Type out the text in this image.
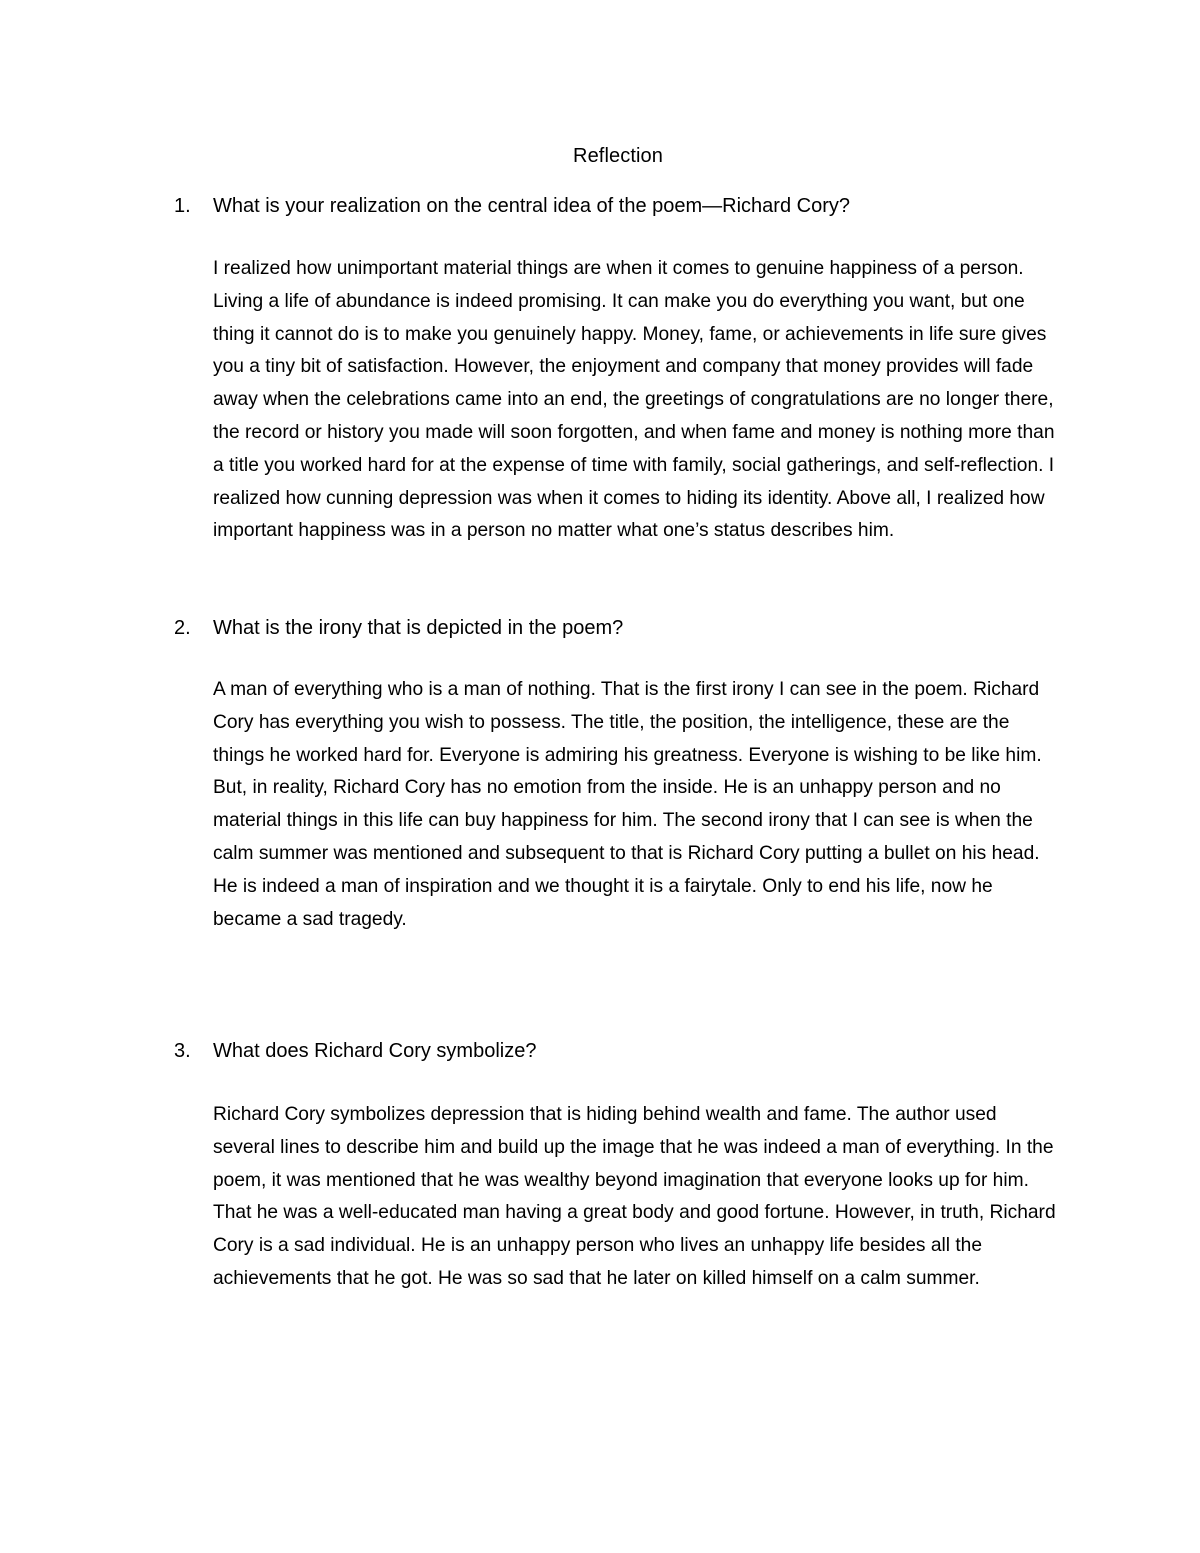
Reflection
1. What is your realization on the central idea of the poem—Richard Cory?

I realized how unimportant material things are when it comes to genuine happiness of a person. Living a life of abundance is indeed promising. It can make you do everything you want, but one thing it cannot do is to make you genuinely happy. Money, fame, or achievements in life sure gives you a tiny bit of satisfaction. However, the enjoyment and company that money provides will fade away when the celebrations came into an end, the greetings of congratulations are no longer there, the record or history you made will soon forgotten, and when fame and money is nothing more than a title you worked hard for at the expense of time with family, social gatherings, and self-reflection. I realized how cunning depression was when it comes to hiding its identity. Above all, I realized how important happiness was in a person no matter what one’s status describes him.

2. What is the irony that is depicted in the poem?

A man of everything who is a man of nothing. That is the first irony I can see in the poem. Richard Cory has everything you wish to possess. The title, the position, the intelligence, these are the things he worked hard for. Everyone is admiring his greatness. Everyone is wishing to be like him. But, in reality, Richard Cory has no emotion from the inside. He is an unhappy person and no material things in this life can buy happiness for him. The second irony that I can see is when the calm summer was mentioned and subsequent to that is Richard Cory putting a bullet on his head. He is indeed a man of inspiration and we thought it is a fairytale. Only to end his life, now he became a sad tragedy.

3. What does Richard Cory symbolize?

Richard Cory symbolizes depression that is hiding behind wealth and fame. The author used several lines to describe him and build up the image that he was indeed a man of everything. In the poem, it was mentioned that he was wealthy beyond imagination that everyone looks up for him. That he was a well-educated man having a great body and good fortune. However, in truth, Richard Cory is a sad individual. He is an unhappy person who lives an unhappy life besides all the achievements that he got. He was so sad that he later on killed himself on a calm summer.
